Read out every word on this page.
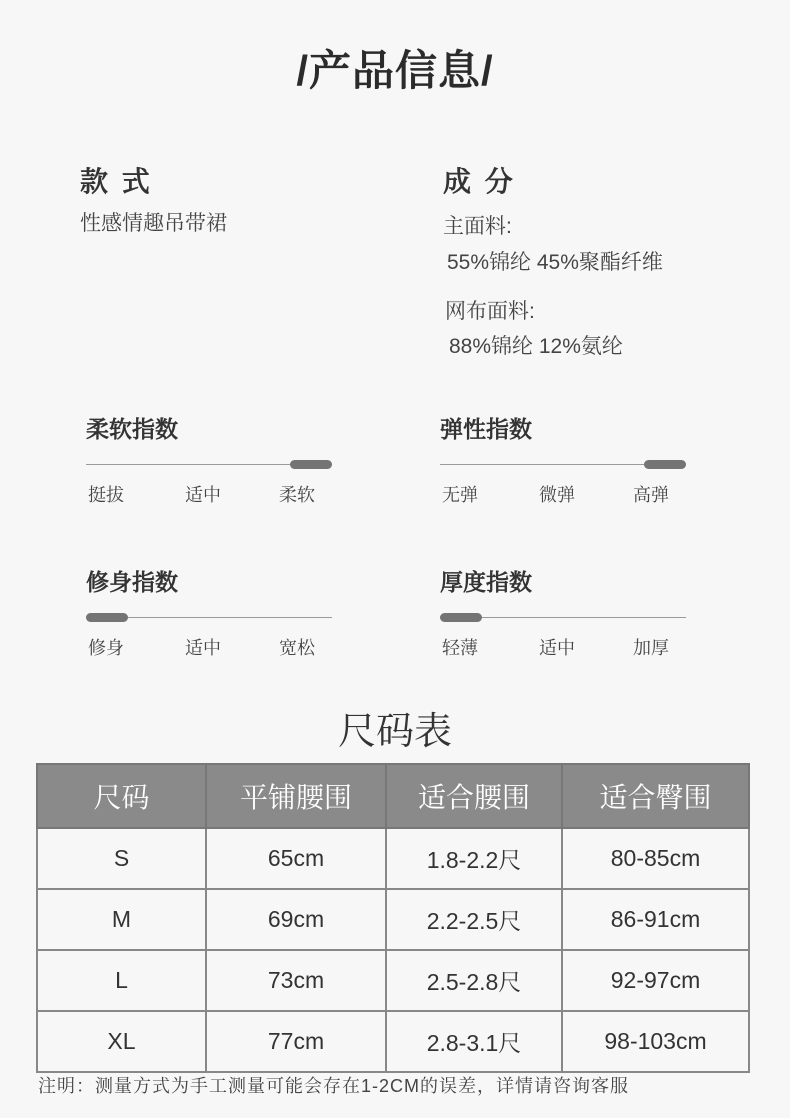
/产品信息/
款 式
性感情趣吊带裙
成 分
主面料:
55%锦纶 45%聚酯纤维
网布面料:
88%锦纶 12%氨纶
柔软指数
挺拔	适中	柔软
弹性指数
无弹	微弹	高弹
修身指数
修身	适中	宽松
厚度指数
轻薄	适中	加厚
尺码表
尺码	平铺腰围	适合腰围	适合臀围
S	65cm	1.8-2.2尺	80-85cm
M	69cm	2.2-2.5尺	86-91cm
L	73cm	2.5-2.8尺	92-97cm
XL	77cm	2.8-3.1尺	98-103cm
注明：测量方式为手工测量可能会存在1-2CM的误差，详情请咨询客服
